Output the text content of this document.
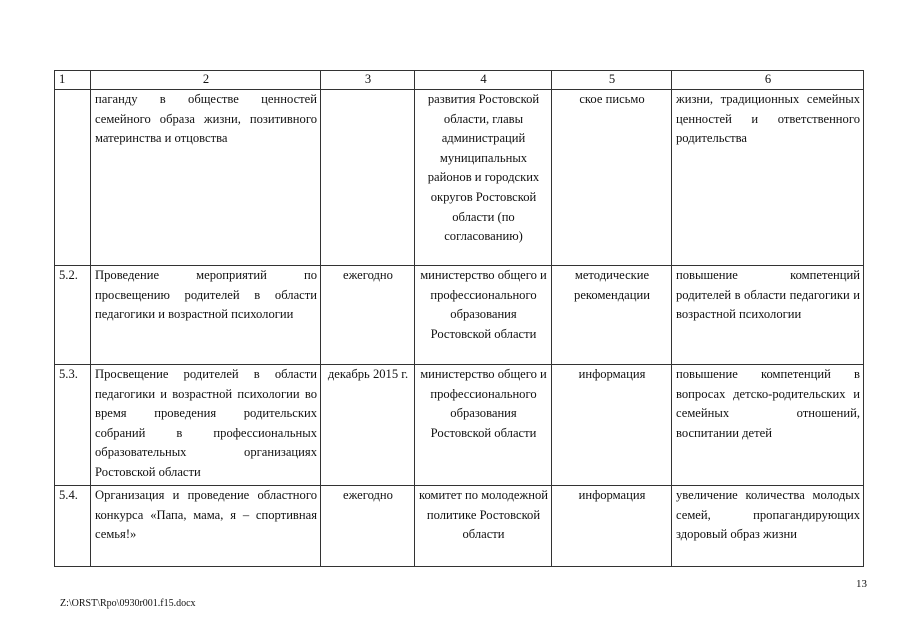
1	2	3	4	5	6
	паганду в обществе ценностей семейного образа жизни, позитивного материнства и отцовства		развития Ростовской области, главы администраций муниципальных районов и городских округов Ростовской области (по согласованию)	ское письмо	жизни, традиционных семейных ценностей и ответственного родительства
5.2.	Проведение мероприятий по просвещению родителей в области педагогики и возрастной психологии	ежегодно	министерство общего и профессионального образования Ростовской области	методические рекомендации	повышение компетенций родителей в области педагогики и возрастной психологии
5.3.	Просвещение родителей в области педагогики и возрастной психологии во время проведения родительских собраний в профессиональных образовательных организациях Ростовской области	декабрь 2015 г.	министерство общего и профессионального образования Ростовской области	информация	повышение компетенций в вопросах детско-родительских и семейных отношений, воспитании детей
5.4.	Организация и проведение областного конкурса «Папа, мама, я – спортивная семья!»	ежегодно	комитет по молодежной политике Ростовской области	информация	увеличение количества молодых семей, пропагандирующих здоровый образ жизни
13
Z:\ORST\Rpo\0930r001.f15.docx
